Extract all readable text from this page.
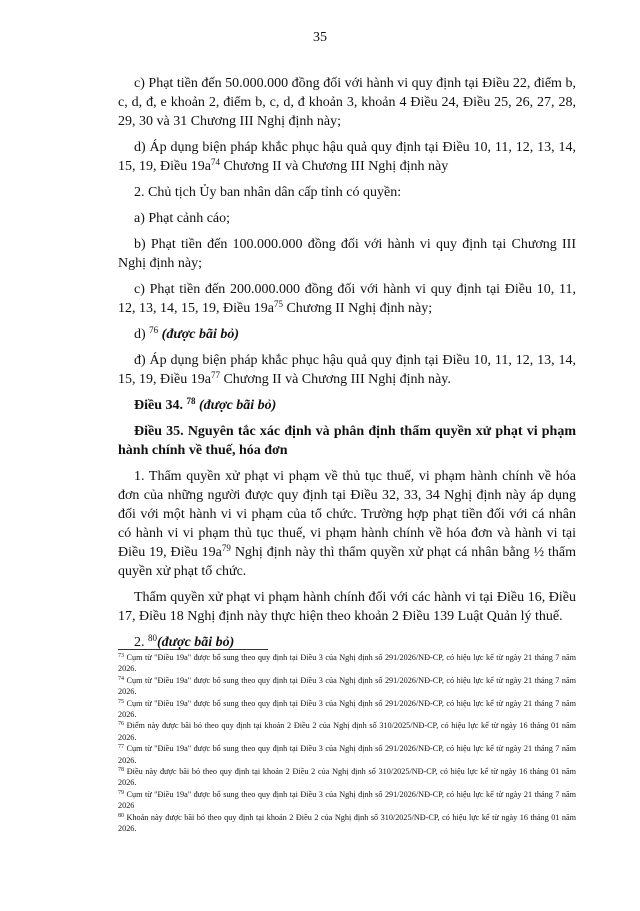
35

c) Phạt tiền đến 50.000.000 đồng đối với hành vi quy định tại Điều 22, điểm b, c, d, đ, e khoản 2, điểm b, c, d, đ khoản 3, khoản 4 Điều 24, Điều 25, 26, 27, 28, 29, 30 và 31 Chương III Nghị định này;

d) Áp dụng biện pháp khắc phục hậu quả quy định tại Điều 10, 11, 12, 13, 14, 15, 19, Điều $19a^{74}$ Chương II và Chương III Nghị định này

2. Chủ tịch Ủy ban nhân dân cấp tỉnh có quyền:

a) Phạt cảnh cáo;

b) Phạt tiền đến 100.000.000 đồng đối với hành vi quy định tại Chương III Nghị định này;

c) Phạt tiền đến 200.000.000 đồng đối với hành vi quy định tại Điều 10, 11, 12, 13, 14, 15, 19, Điều $19a^{75}$ Chương II Nghị định này;

d) $^{76}$ (được bãi bỏ)

đ) Áp dụng biện pháp khắc phục hậu quả quy định tại Điều 10, 11, 12, 13, 14, 15, 19, Điều $19a^{77}$ Chương II và Chương III Nghị định này.

Điều 34. $^{78}$ (được bãi bỏ)

Điều 35. Nguyên tắc xác định và phân định thẩm quyền xử phạt vi phạm hành chính về thuế, hóa đơn

1. Thẩm quyền xử phạt vi phạm về thủ tục thuế, vi phạm hành chính về hóa đơn của những người được quy định tại Điều 32, 33, 34 Nghị định này áp dụng đối với một hành vi vi phạm của tổ chức. Trường hợp phạt tiền đối với cá nhân có hành vi vi phạm thủ tục thuế, vi phạm hành chính về hóa đơn và hành vi tại Điều 19, Điều $19a^{79}$ Nghị định này thì thẩm quyền xử phạt cá nhân bằng ½ thẩm quyền xử phạt tổ chức.

Thẩm quyền xử phạt vi phạm hành chính đối với các hành vi tại Điều 16, Điều 17, Điều 18 Nghị định này thực hiện theo khoản 2 Điều 139 Luật Quản lý thuế.

2. $^{80}$(được bãi bỏ)

$^{73}$ Cụm từ "Điều 19a" được bổ sung theo quy định tại Điều 3 của Nghị định số 291/2026/NĐ-CP, có hiệu lực kể từ ngày 21 tháng 7 năm 2026.

$^{74}$ Cụm từ "Điều 19a" được bổ sung theo quy định tại Điều 3 của Nghị định số 291/2026/NĐ-CP, có hiệu lực kể từ ngày 21 tháng 7 năm 2026.

$^{75}$ Cụm từ "Điều 19a" được bổ sung theo quy định tại Điều 3 của Nghị định số 291/2026/NĐ-CP, có hiệu lực kể từ ngày 21 tháng 7 năm 2026.

$^{76}$ Điểm này được bãi bỏ theo quy định tại khoản 2 Điều 2 của Nghị định số 310/2025/NĐ-CP, có hiệu lực kể từ ngày 16 tháng 01 năm 2026.

$^{77}$ Cụm từ "Điều 19a" được bổ sung theo quy định tại Điều 3 của Nghị định số 291/2026/NĐ-CP, có hiệu lực kể từ ngày 21 tháng 7 năm 2026.

$^{78}$ Điều này được bãi bỏ theo quy định tại khoản 2 Điều 2 của Nghị định số 310/2025/NĐ-CP, có hiệu lực kể từ ngày 16 tháng 01 năm 2026.

$^{79}$ Cụm từ "Điều 19a" được bổ sung theo quy định tại Điều 3 của Nghị định số 291/2026/NĐ-CP, có hiệu lực kể từ ngày 21 tháng 7 năm 2026

$^{80}$ Khoản này được bãi bỏ theo quy định tại khoản 2 Điều 2 của Nghị định số 310/2025/NĐ-CP, có hiệu lực kể từ ngày 16 tháng 01 năm 2026.
